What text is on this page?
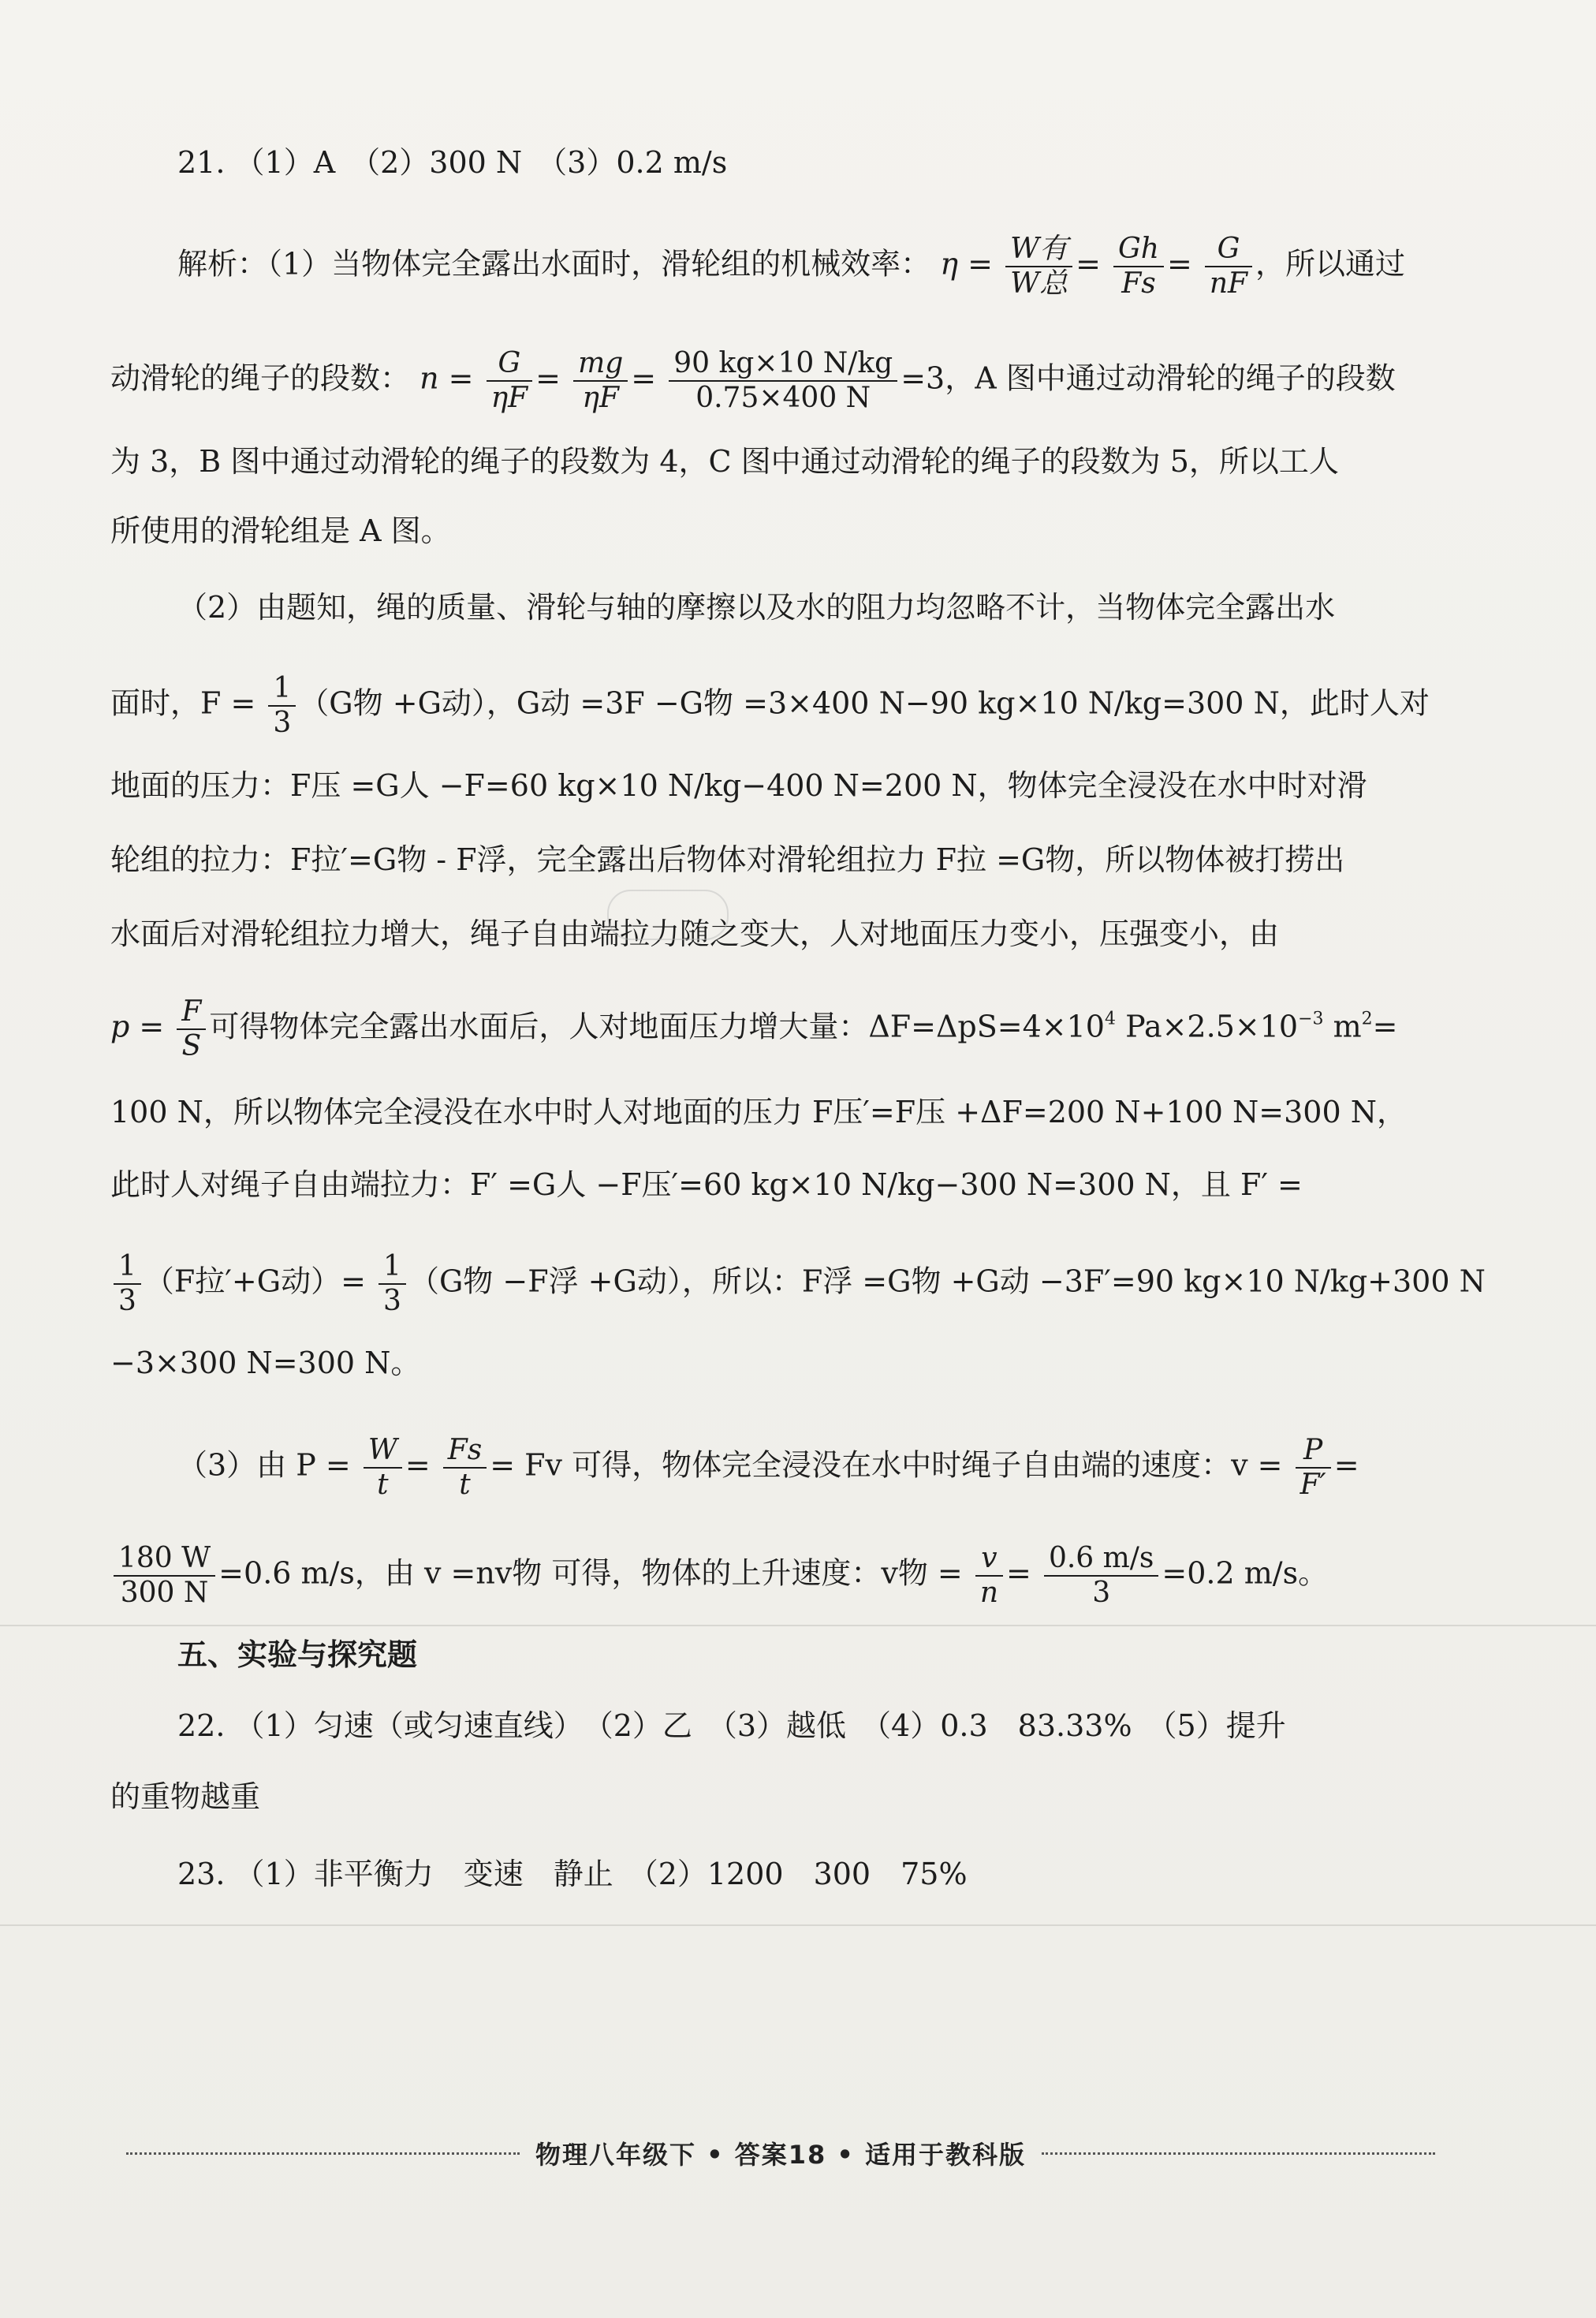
21. （1）A　（2）300 N　（3）0.2 m/s
解析：（1）当物体完全露出水面时，滑轮组的机械效率： $\eta = \frac{\text{W有}}{\text{W总}} = \frac{Gh}{Fs} = \frac{G}{nF}$ ，所以通过
动滑轮的绳子的段数： $n = \frac{G}{\eta F} = \frac{mg}{\eta F} = \frac{90 kg\times 10 N/kg}{0.75\times 400 N} =3$，A 图中通过动滑轮的绳子的段数
为 3，B 图中通过动滑轮的绳子的段数为 4，C 图中通过动滑轮的绳子的段数为 5，所以工人
所使用的滑轮组是 A 图。
（2）由题知，绳的质量、滑轮与轴的摩擦以及水的阻力均忽略不计，当物体完全露出水
面时，$F = \frac{1}{3} (G$物 +G动），G动 =3F −G物 =3×400 N−90 kg×10 N/kg=300 N，此时人对
地面的压力：F压 =G人 −F=60 kg×10 N/kg−400 N=200 N，物体完全浸没在水中时对滑
轮组的拉力：F拉′=G物 - F浮，完全露出后物体对滑轮组拉力 F拉 =G物，所以物体被打捞出
水面后对滑轮组拉力增大，绳子自由端拉力随之变大，人对地面压力变小，压强变小，由
$p = \frac{F}{S}$ 可得物体完全露出水面后，人对地面压力增大量：$\Delta F=\Delta pS=4\times 10^4$ $Pa\times 2.5\times 10^{-3}$ $m^2=$
100 N，所以物体完全浸没在水中时人对地面的压力 F压′=F压 +ΔF=200 N+100 N=300 N，
此时人对绳子自由端拉力：F′ =G人 −F压′=60 kg×10 N/kg−300 N=300 N，且 F′ =
$\frac{1}{3} (F$拉′+G动）= $\frac{1}{3} (G$物 −F浮 +G动），所以：F浮 =G物 +G动 −3F′=90 kg×10 N/kg+300 N
−3×300 N=300 N。
（3）由 $P = \frac{W}{t} = \frac{Fs}{t} = Fv$ 可得，物体完全浸没在水中时绳子自由端的速度：$v = \frac{P}{F'}$ =
$\frac{180 W}{300 N} =0.6$ m/s，由 v =nv物 可得，物体的上升速度：v物 = $\frac{v}{n} = \frac{0.6 m/s}{3} =0.2$ m/s。
五、实验与探究题
22. （1）匀速（或匀速直线）　（2）乙　（3）越低　（4）0.3　83.33%　（5）提升
的重物越重
23. （1）非平衡力　变速　静止　（2）1200　300　75%
物理八年级下 • 答案18 • 适用于教科版
